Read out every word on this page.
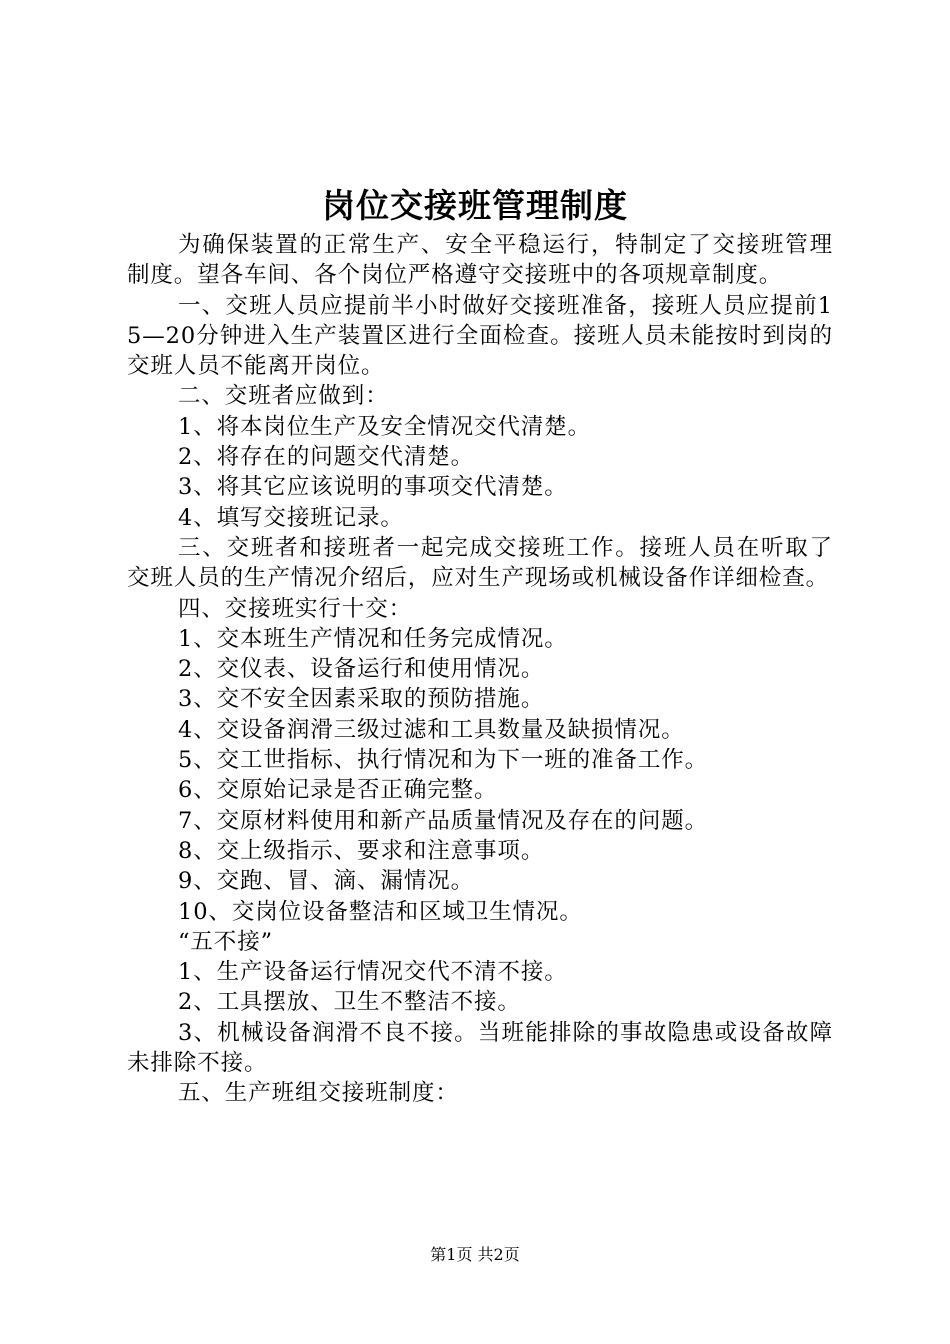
岗位交接班管理制度

为确保装置的正常生产、安全平稳运行，特制定了交接班管理制度。望各车间、各个岗位严格遵守交接班中的各项规章制度。

一、交班人员应提前半小时做好交接班准备，接班人员应提前15—20分钟进入生产装置区进行全面检查。接班人员未能按时到岗的交班人员不能离开岗位。

二、交班者应做到：

1、将本岗位生产及安全情况交代清楚。

2、将存在的问题交代清楚。

3、将其它应该说明的事项交代清楚。

4、填写交接班记录。

三、交班者和接班者一起完成交接班工作。接班人员在听取了交班人员的生产情况介绍后，应对生产现场或机械设备作详细检查。

四、交接班实行十交：

1、交本班生产情况和任务完成情况。

2、交仪表、设备运行和使用情况。

3、交不安全因素采取的预防措施。

4、交设备润滑三级过滤和工具数量及缺损情况。

5、交工世指标、执行情况和为下一班的准备工作。

6、交原始记录是否正确完整。

7、交原材料使用和新产品质量情况及存在的问题。

8、交上级指示、要求和注意事项。

9、交跑、冒、滴、漏情况。

10、交岗位设备整洁和区域卫生情况。

“五不接”

1、生产设备运行情况交代不清不接。

2、工具摆放、卫生不整洁不接。

3、机械设备润滑不良不接。当班能排除的事故隐患或设备故障未排除不接。

五、生产班组交接班制度：

第1页 共2页
